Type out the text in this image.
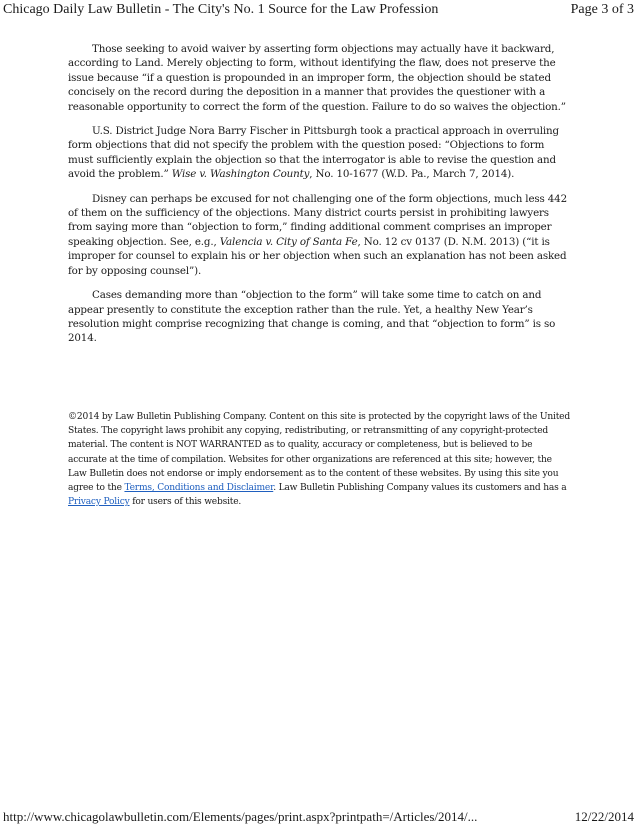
Chicago Daily Law Bulletin - The City's No. 1 Source for the Law Profession	Page 3 of 3

Those seeking to avoid waiver by asserting form objections may actually have it backward, according to Land. Merely objecting to form, without identifying the flaw, does not preserve the issue because “if a question is propounded in an improper form, the objection should be stated concisely on the record during the deposition in a manner that provides the questioner with a reasonable opportunity to correct the form of the question. Failure to do so waives the objection.”

U.S. District Judge Nora Barry Fischer in Pittsburgh took a practical approach in overruling form objections that did not specify the problem with the question posed: “Objections to form must sufficiently explain the objection so that the interrogator is able to revise the question and avoid the problem.” Wise v. Washington County, No. 10-1677 (W.D. Pa., March 7, 2014).

Disney can perhaps be excused for not challenging one of the form objections, much less 442 of them on the sufficiency of the objections. Many district courts persist in prohibiting lawyers from saying more than “objection to form,” finding additional comment comprises an improper speaking objection. See, e.g., Valencia v. City of Santa Fe, No. 12 cv 0137 (D. N.M. 2013) (“it is improper for counsel to explain his or her objection when such an explanation has not been asked for by opposing counsel”).

Cases demanding more than “objection to the form” will take some time to catch on and appear presently to constitute the exception rather than the rule. Yet, a healthy New Year’s resolution might comprise recognizing that change is coming, and that “objection to form” is so 2014.

©2014 by Law Bulletin Publishing Company. Content on this site is protected by the copyright laws of the United States. The copyright laws prohibit any copying, redistributing, or retransmitting of any copyright-protected material. The content is NOT WARRANTED as to quality, accuracy or completeness, but is believed to be accurate at the time of compilation. Websites for other organizations are referenced at this site; however, the Law Bulletin does not endorse or imply endorsement as to the content of these websites. By using this site you agree to the Terms, Conditions and Disclaimer. Law Bulletin Publishing Company values its customers and has a Privacy Policy for users of this website.
http://www.chicagolawbulletin.com/Elements/pages/print.aspx?printpath=/Articles/2014/...	12/22/2014
